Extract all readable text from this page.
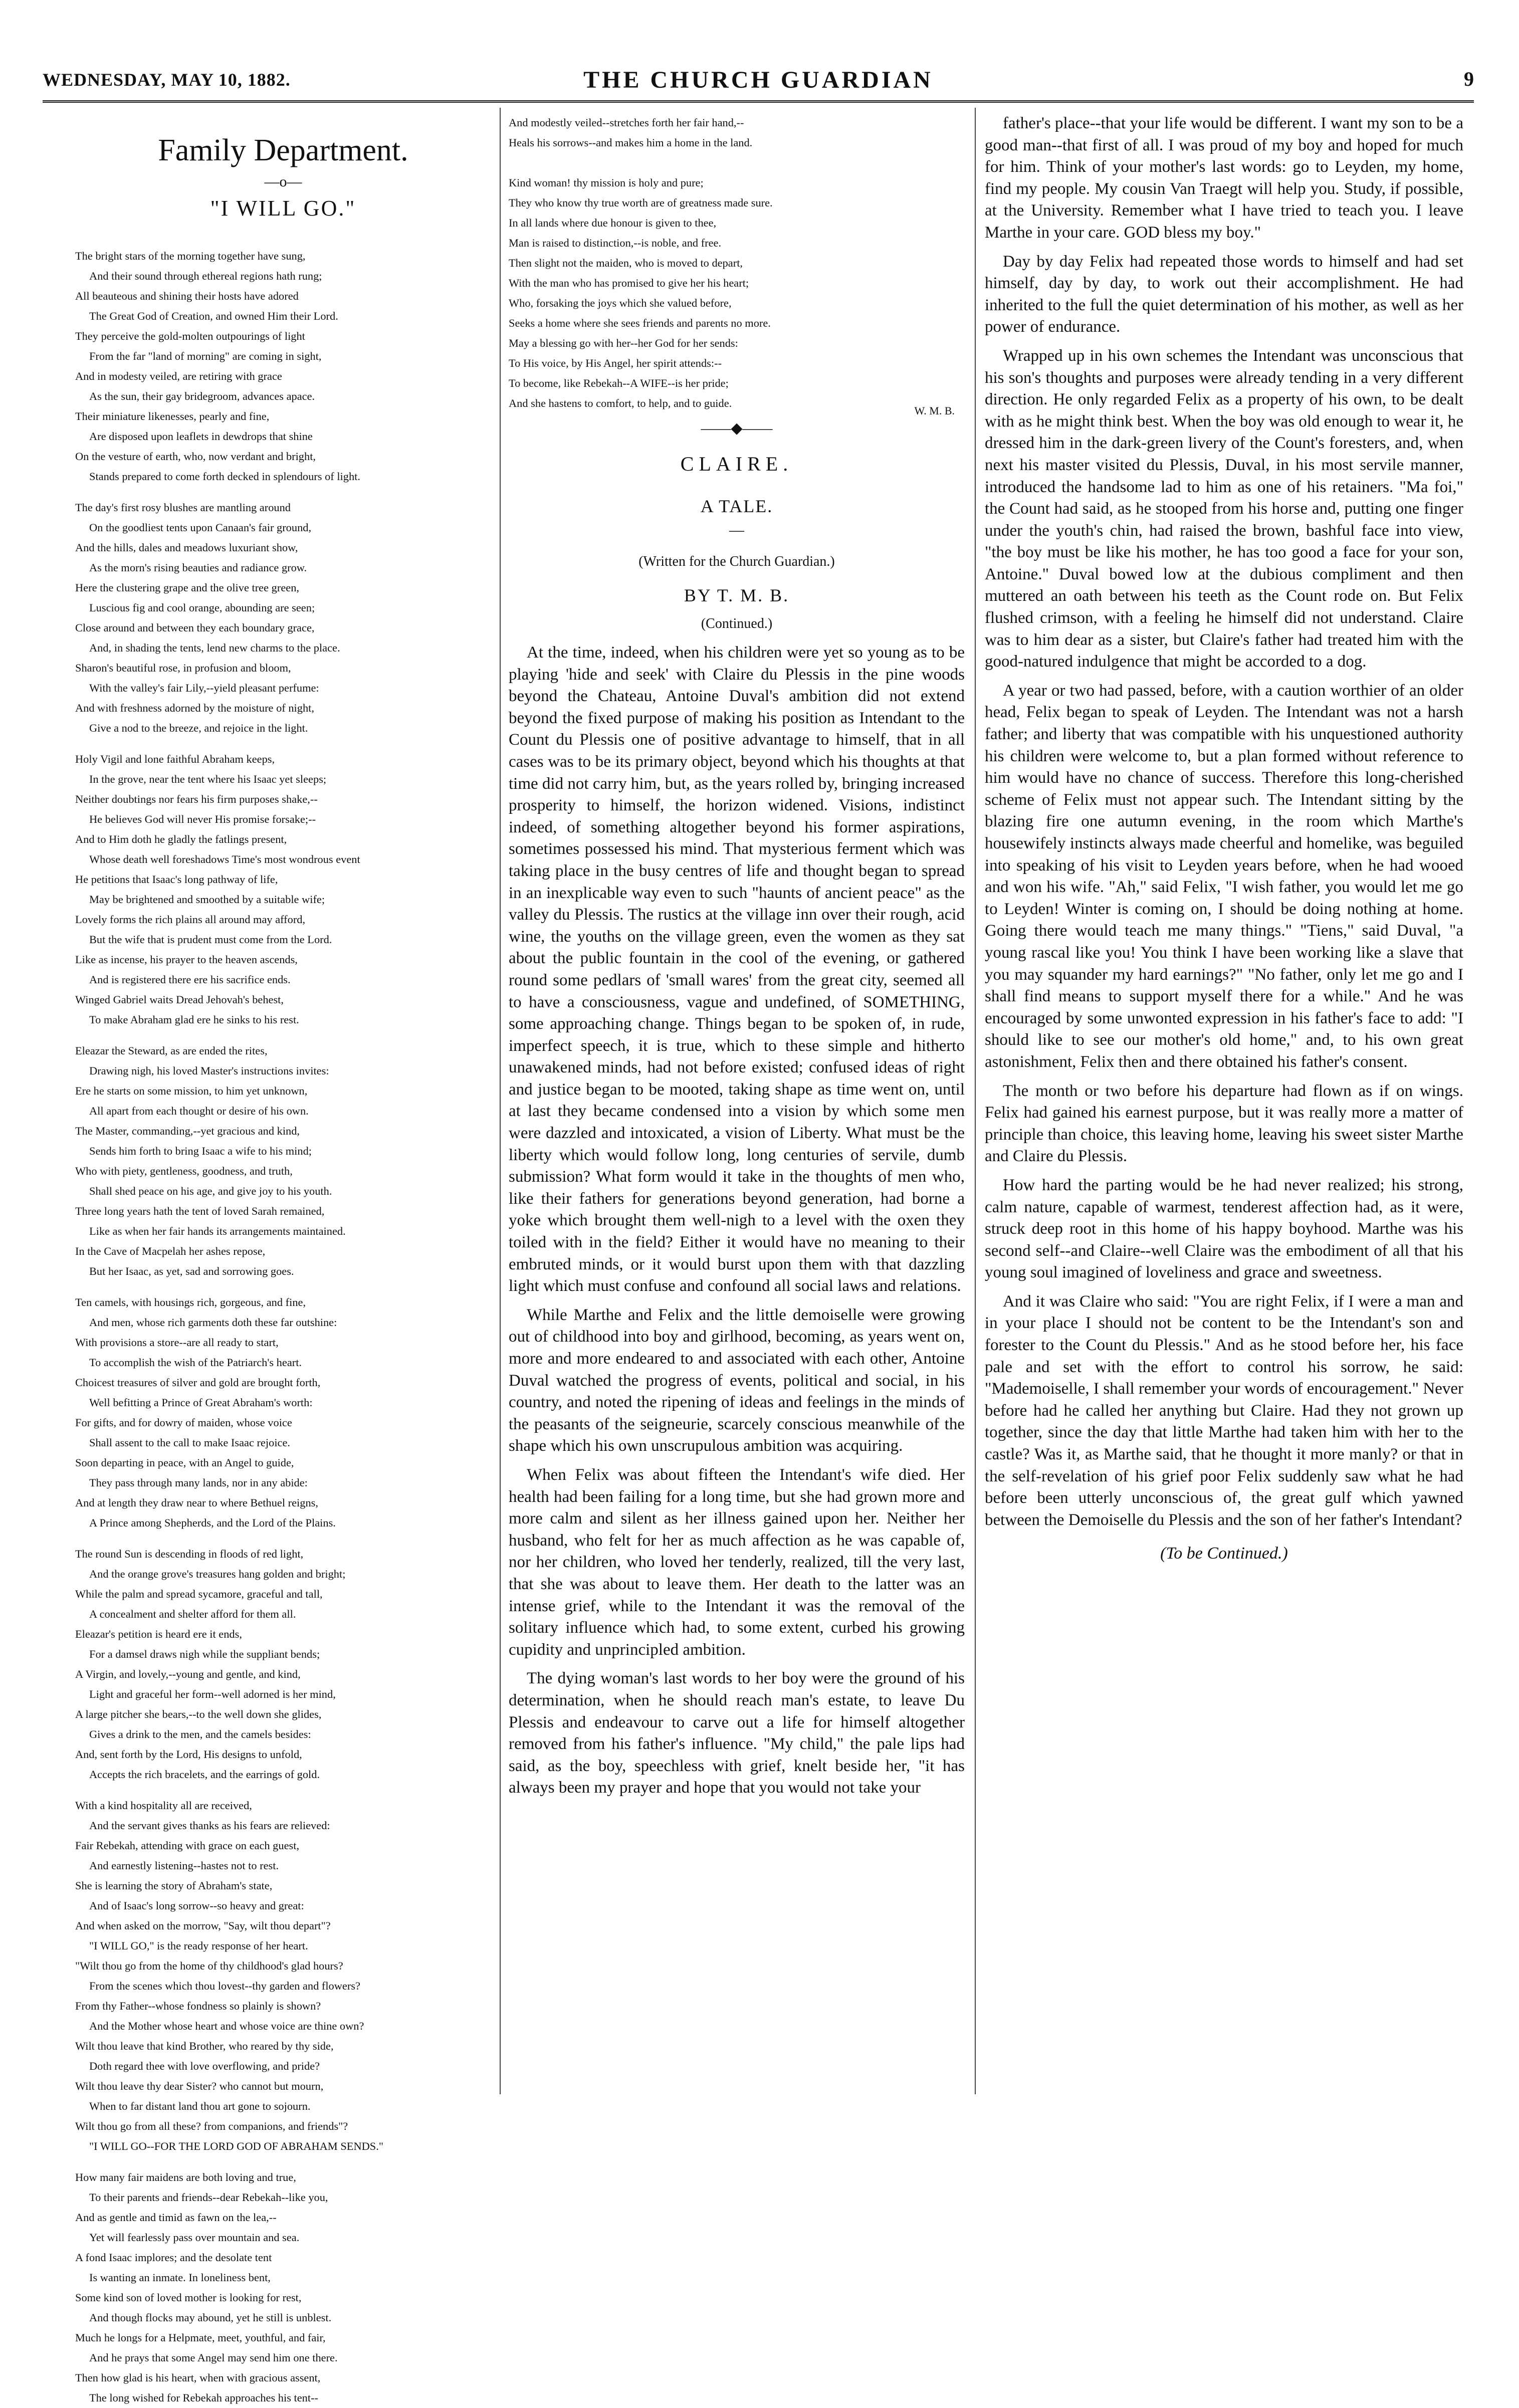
WEDNESDAY, MAY 10, 1882.	THE CHURCH GUARDIAN	9
Family Department.
—o—
"I WILL GO."
The bright stars of the morning together have sung,
And their sound through ethereal regions hath rung;
All beauteous and shining their hosts have adored
The Great God of Creation, and owned Him their Lord.
They perceive the gold-molten outpourings of light
From the far "land of morning" are coming in sight,
And in modesty veiled, are retiring with grace
As the sun, their gay bridegroom, advances apace.
Their miniature likenesses, pearly and fine,
Are disposed upon leaflets in dewdrops that shine
On the vesture of earth, who, now verdant and bright,
Stands prepared to come forth decked in splendours of light.
The day's first rosy blushes are mantling around
On the goodliest tents upon Canaan's fair ground,
And the hills, dales and meadows luxuriant show,
As the morn's rising beauties and radiance grow.
Here the clustering grape and the olive tree green,
Luscious fig and cool orange, abounding are seen;
Close around and between they each boundary grace,
And, in shading the tents, lend new charms to the place.
Sharon's beautiful rose, in profusion and bloom,
With the valley's fair Lily,--yield pleasant perfume:
And with freshness adorned by the moisture of night,
Give a nod to the breeze, and rejoice in the light.
Holy Vigil and lone faithful Abraham keeps,
In the grove, near the tent where his Isaac yet sleeps;
Neither doubtings nor fears his firm purposes shake,--
He believes God will never His promise forsake;--
And to Him doth he gladly the fatlings present,
Whose death well foreshadows Time's most wondrous event
He petitions that Isaac's long pathway of life,
May be brightened and smoothed by a suitable wife;
Lovely forms the rich plains all around may afford,
But the wife that is prudent must come from the Lord.
Like as incense, his prayer to the heaven ascends,
And is registered there ere his sacrifice ends.
Winged Gabriel waits Dread Jehovah's behest,
To make Abraham glad ere he sinks to his rest.
Eleazar the Steward, as are ended the rites,
Drawing nigh, his loved Master's instructions invites:
Ere he starts on some mission, to him yet unknown,
All apart from each thought or desire of his own.
The Master, commanding,--yet gracious and kind,
Sends him forth to bring Isaac a wife to his mind;
Who with piety, gentleness, goodness, and truth,
Shall shed peace on his age, and give joy to his youth.
Three long years hath the tent of loved Sarah remained,
Like as when her fair hands its arrangements maintained.
In the Cave of Macpelah her ashes repose,
But her Isaac, as yet, sad and sorrowing goes.
Ten camels, with housings rich, gorgeous, and fine,
And men, whose rich garments doth these far outshine:
With provisions a store--are all ready to start,
To accomplish the wish of the Patriarch's heart.
Choicest treasures of silver and gold are brought forth,
Well befitting a Prince of Great Abraham's worth:
For gifts, and for dowry of maiden, whose voice
Shall assent to the call to make Isaac rejoice.
Soon departing in peace, with an Angel to guide,
They pass through many lands, nor in any abide:
And at length they draw near to where Bethuel reigns,
A Prince among Shepherds, and the Lord of the Plains.
The round Sun is descending in floods of red light,
And the orange grove's treasures hang golden and bright;
While the palm and spread sycamore, graceful and tall,
A concealment and shelter afford for them all.
Eleazar's petition is heard ere it ends,
For a damsel draws nigh while the suppliant bends;
A Virgin, and lovely,--young and gentle, and kind,
Light and graceful her form--well adorned is her mind,
A large pitcher she bears,--to the well down she glides,
Gives a drink to the men, and the camels besides:
And, sent forth by the Lord, His designs to unfold,
Accepts the rich bracelets, and the earrings of gold.
With a kind hospitality all are received,
And the servant gives thanks as his fears are relieved:
Fair Rebekah, attending with grace on each guest,
And earnestly listening--hastes not to rest.
She is learning the story of Abraham's state,
And of Isaac's long sorrow--so heavy and great:
And when asked on the morrow, "Say, wilt thou depart"?
"I WILL GO," is the ready response of her heart.
"Wilt thou go from the home of thy childhood's glad hours?
From the scenes which thou lovest--thy garden and flowers?
From thy Father--whose fondness so plainly is shown?
And the Mother whose heart and whose voice are thine own?
Wilt thou leave that kind Brother, who reared by thy side,
Doth regard thee with love overflowing, and pride?
Wilt thou leave thy dear Sister? who cannot but mourn,
When to far distant land thou art gone to sojourn.
Wilt thou go from all these? from companions, and friends"?
"I WILL GO--FOR THE LORD GOD OF ABRAHAM SENDS."
How many fair maidens are both loving and true,
To their parents and friends--dear Rebekah--like you,
And as gentle and timid as fawn on the lea,--
Yet will fearlessly pass over mountain and sea.
A fond Isaac implores; and the desolate tent
Is wanting an inmate. In loneliness bent,
Some kind son of loved mother is looking for rest,
And though flocks may abound, yet he still is unblest.
Much he longs for a Helpmate, meet, youthful, and fair,
And he prays that some Angel may send him one there.
Then how glad is his heart, when with gracious assent,
The long wished for Rebekah approaches his tent--
And modestly veiled--stretches forth her fair hand,--
Heals his sorrows--and makes him a home in the land.

Kind woman! thy mission is holy and pure;
They who know thy true worth are of greatness made sure.
In all lands where due honour is given to thee,
Man is raised to distinction,--is noble, and free.
Then slight not the maiden, who is moved to depart,
With the man who has promised to give her his heart;
Who, forsaking the joys which she valued before,
Seeks a home where she sees friends and parents no more.
May a blessing go with her--her God for her sends:
To His voice, by His Angel, her spirit attends:--
To become, like Rebekah--A WIFE--is her pride;
And she hastens to comfort, to help, and to guide.
W. M. B.
——◆——
CLAIRE.
A TALE.
—
(Written for the Church Guardian.)
BY T. M. B.
(Continued.)

At the time, indeed, when his children were yet so young as to be playing 'hide and seek' with Claire du Plessis in the pine woods beyond the Chateau, Antoine Duval's ambition did not extend beyond the fixed purpose of making his position as Intendant to the Count du Plessis one of positive advantage to himself, that in all cases was to be its primary object, beyond which his thoughts at that time did not carry him, but, as the years rolled by, bringing increased prosperity to himself, the horizon widened. Visions, indistinct indeed, of something altogether beyond his former aspirations, sometimes possessed his mind. That mysterious ferment which was taking place in the busy centres of life and thought began to spread in an inexplicable way even to such "haunts of ancient peace" as the valley du Plessis. The rustics at the village inn over their rough, acid wine, the youths on the village green, even the women as they sat about the public fountain in the cool of the evening, or gathered round some pedlars of 'small wares' from the great city, seemed all to have a consciousness, vague and undefined, of SOMETHING, some approaching change. Things began to be spoken of, in rude, imperfect speech, it is true, which to these simple and hitherto unawakened minds, had not before existed; confused ideas of right and justice began to be mooted, taking shape as time went on, until at last they became condensed into a vision by which some men were dazzled and intoxicated, a vision of Liberty. What must be the liberty which would follow long, long centuries of servile, dumb submission? What form would it take in the thoughts of men who, like their fathers for generations beyond generation, had borne a yoke which brought them well-nigh to a level with the oxen they toiled with in the field? Either it would have no meaning to their embruted minds, or it would burst upon them with that dazzling light which must confuse and confound all social laws and relations.

While Marthe and Felix and the little demoiselle were growing out of childhood into boy and girlhood, becoming, as years went on, more and more endeared to and associated with each other, Antoine Duval watched the progress of events, political and social, in his country, and noted the ripening of ideas and feelings in the minds of the peasants of the seigneurie, scarcely conscious meanwhile of the shape which his own unscrupulous ambition was acquiring.

When Felix was about fifteen the Intendant's wife died. Her health had been failing for a long time, but she had grown more and more calm and silent as her illness gained upon her. Neither her husband, who felt for her as much affection as he was capable of, nor her children, who loved her tenderly, realized, till the very last, that she was about to leave them. Her death to the latter was an intense grief, while to the Intendant it was the removal of the solitary influence which had, to some extent, curbed his growing cupidity and unprincipled ambition.

The dying woman's last words to her boy were the ground of his determination, when he should reach man's estate, to leave Du Plessis and endeavour to carve out a life for himself altogether removed from his father's influence. "My child," the pale lips had said, as the boy, speechless with grief, knelt beside her, "it has always been my prayer and hope that you would not take your

father's place--that your life would be different. I want my son to be a good man--that first of all. I was proud of my boy and hoped for much for him. Think of your mother's last words: go to Leyden, my home, find my people. My cousin Van Traegt will help you. Study, if possible, at the University. Remember what I have tried to teach you. I leave Marthe in your care. GOD bless my boy."

Day by day Felix had repeated those words to himself and had set himself, day by day, to work out their accomplishment. He had inherited to the full the quiet determination of his mother, as well as her power of endurance.

Wrapped up in his own schemes the Intendant was unconscious that his son's thoughts and purposes were already tending in a very different direction. He only regarded Felix as a property of his own, to be dealt with as he might think best. When the boy was old enough to wear it, he dressed him in the dark-green livery of the Count's foresters, and, when next his master visited du Plessis, Duval, in his most servile manner, introduced the handsome lad to him as one of his retainers. "Ma foi," the Count had said, as he stooped from his horse and, putting one finger under the youth's chin, had raised the brown, bashful face into view, "the boy must be like his mother, he has too good a face for your son, Antoine." Duval bowed low at the dubious compliment and then muttered an oath between his teeth as the Count rode on. But Felix flushed crimson, with a feeling he himself did not understand. Claire was to him dear as a sister, but Claire's father had treated him with the good-natured indulgence that might be accorded to a dog.

A year or two had passed, before, with a caution worthier of an older head, Felix began to speak of Leyden. The Intendant was not a harsh father; and liberty that was compatible with his unquestioned authority his children were welcome to, but a plan formed without reference to him would have no chance of success. Therefore this long-cherished scheme of Felix must not appear such. The Intendant sitting by the blazing fire one autumn evening, in the room which Marthe's housewifely instincts always made cheerful and homelike, was beguiled into speaking of his visit to Leyden years before, when he had wooed and won his wife. "Ah," said Felix, "I wish father, you would let me go to Leyden! Winter is coming on, I should be doing nothing at home. Going there would teach me many things." "Tiens," said Duval, "a young rascal like you! You think I have been working like a slave that you may squander my hard earnings?" "No father, only let me go and I shall find means to support myself there for a while." And he was encouraged by some unwonted expression in his father's face to add: "I should like to see our mother's old home," and, to his own great astonishment, Felix then and there obtained his father's consent.

The month or two before his departure had flown as if on wings. Felix had gained his earnest purpose, but it was really more a matter of principle than choice, this leaving home, leaving his sweet sister Marthe and Claire du Plessis.

How hard the parting would be he had never realized; his strong, calm nature, capable of warmest, tenderest affection had, as it were, struck deep root in this home of his happy boyhood. Marthe was his second self--and Claire--well Claire was the embodiment of all that his young soul imagined of loveliness and grace and sweetness.

And it was Claire who said: "You are right Felix, if I were a man and in your place I should not be content to be the Intendant's son and forester to the Count du Plessis." And as he stood before her, his face pale and set with the effort to control his sorrow, he said: "Mademoiselle, I shall remember your words of encouragement." Never before had he called her anything but Claire. Had they not grown up together, since the day that little Marthe had taken him with her to the castle? Was it, as Marthe said, that he thought it more manly? or that in the self-revelation of his grief poor Felix suddenly saw what he had before been utterly unconscious of, the great gulf which yawned between the Demoiselle du Plessis and the son of her father's Intendant?

(To be Continued.)
